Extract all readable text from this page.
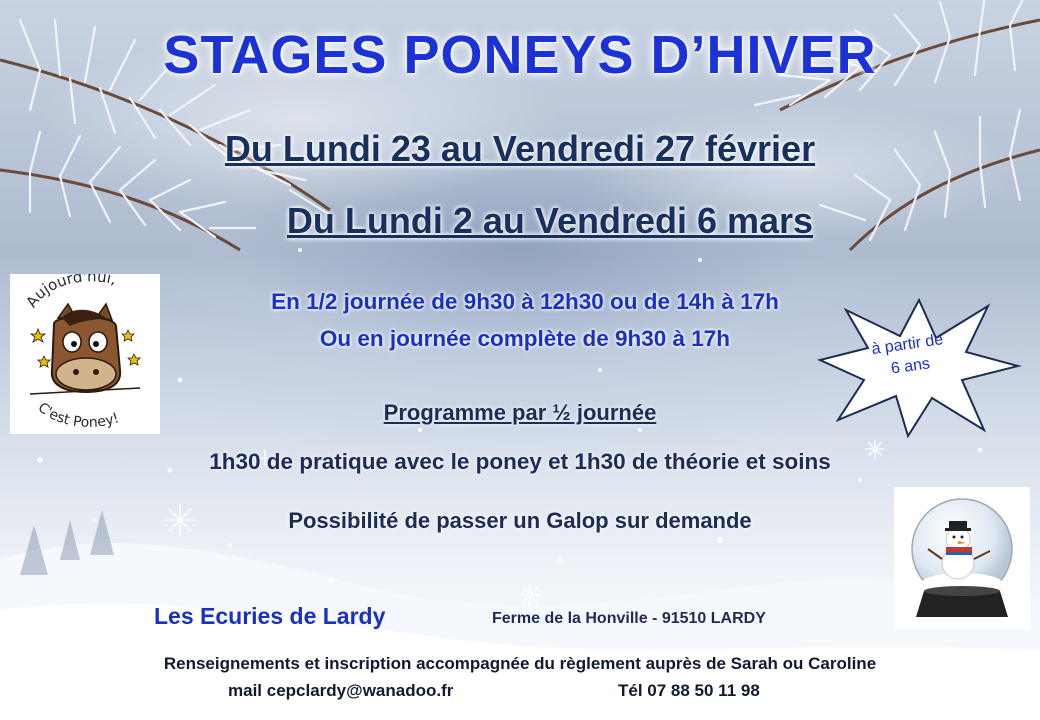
STAGES PONEYS D’HIVER
Du Lundi 23 au Vendredi 27 février
Du Lundi 2 au Vendredi 6 mars
En 1/2 journée de 9h30 à 12h30 ou de 14h à 17h
Ou en journée complète de 9h30 à 17h
Aujourd'hui,
C'est Poney!
à partir de
6 ans
Programme par ½ journée
1h30 de pratique avec le poney et 1h30 de théorie et soins
Possibilité de passer un Galop sur demande
Les Ecuries de Lardy	Ferme de la Honville - 91510 LARDY
Renseignements et inscription accompagnée du règlement auprès de Sarah ou Caroline
mail cepclardy@wanadoo.fr	Tél 07 88 50 11 98
